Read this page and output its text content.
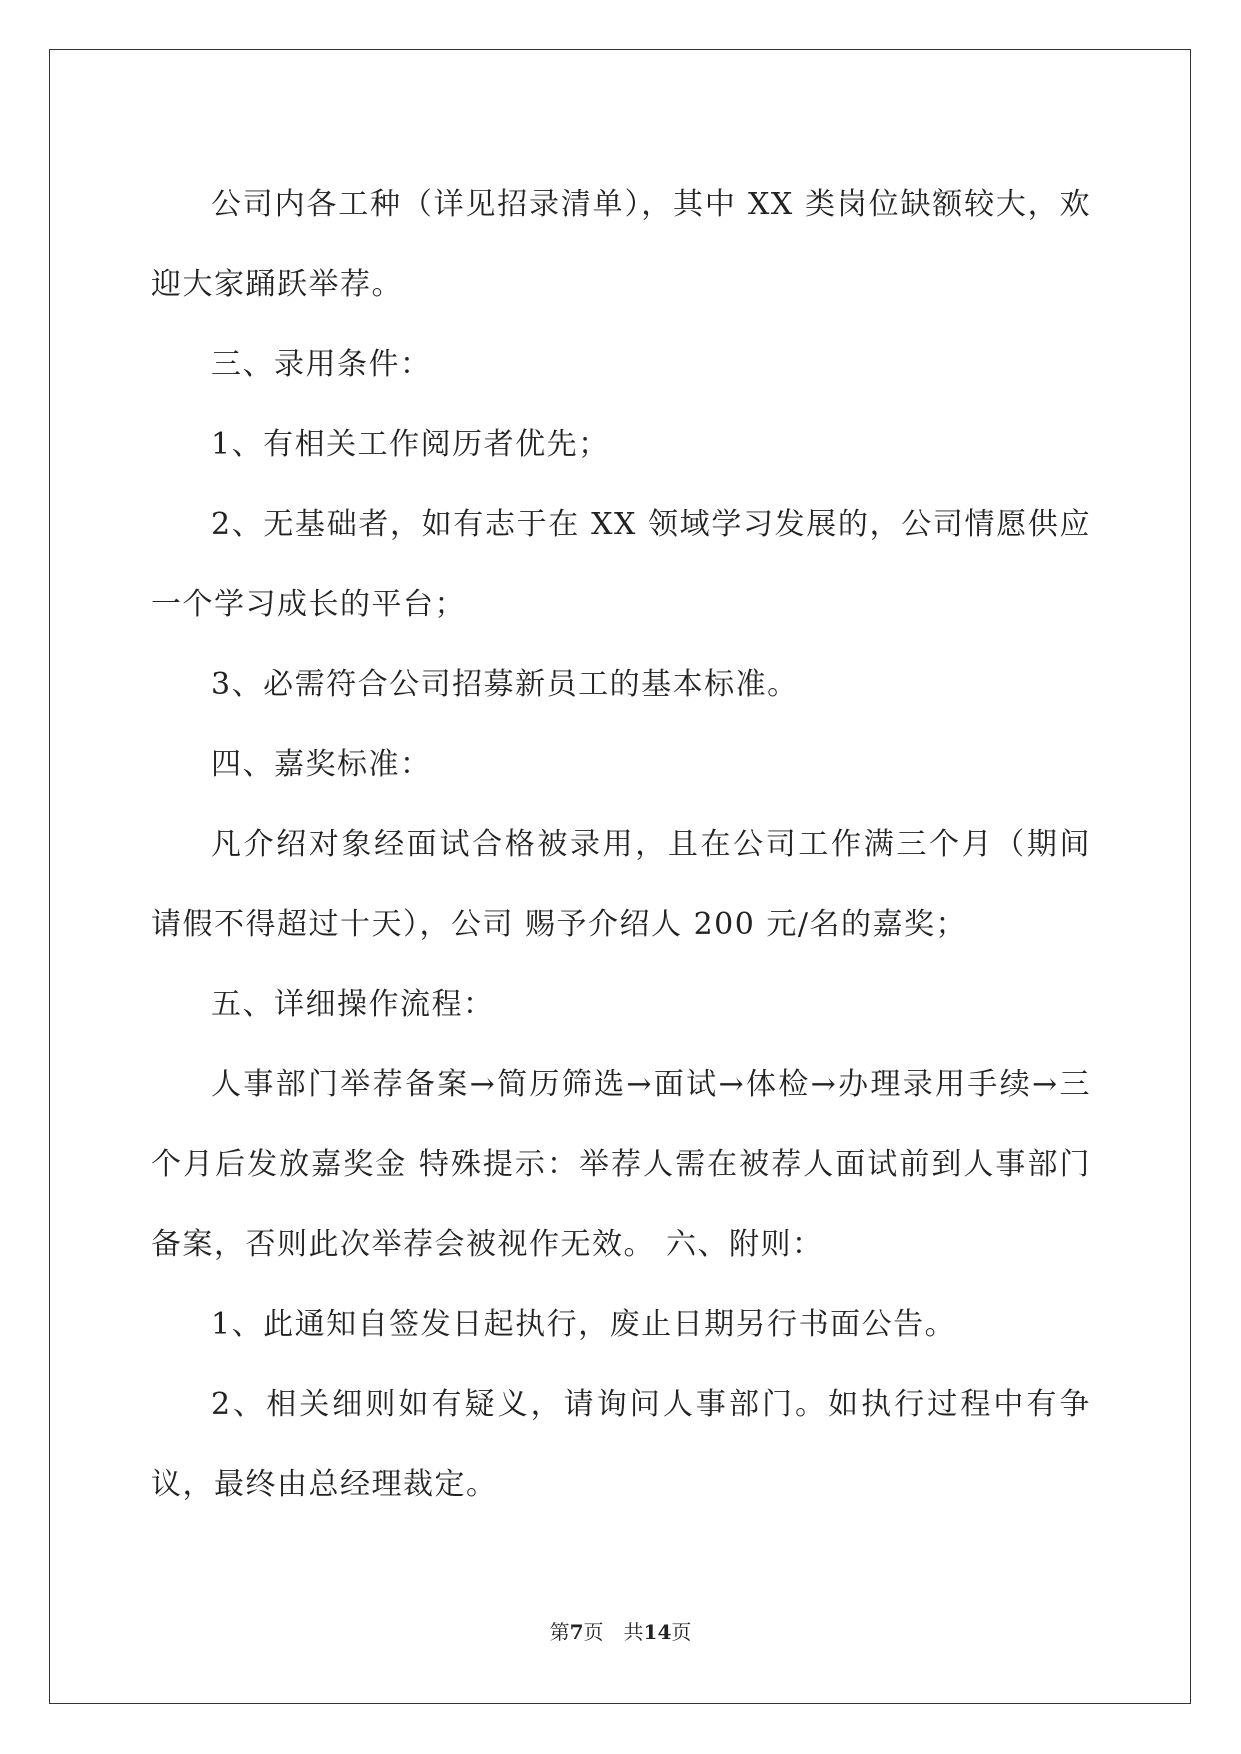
公司内各工种（详见招录清单），其中 XX 类岗位缺额较大，欢迎大家踊跃举荐。

三、录用条件：

1、有相关工作阅历者优先；

2、无基础者，如有志于在 XX 领域学习发展的，公司情愿供应一个学习成长的平台；

3、必需符合公司招募新员工的基本标准。

四、嘉奖标准：

凡介绍对象经面试合格被录用，且在公司工作满三个月（期间请假不得超过十天），公司 赐予介绍人 200 元/名的嘉奖；

五、详细操作流程：

人事部门举荐备案→简历筛选→面试→体检→办理录用手续→三个月后发放嘉奖金 特殊提示：举荐人需在被荐人面试前到人事部门备案，否则此次举荐会被视作无效。 六、附则：

1、此通知自签发日起执行，废止日期另行书面公告。

2、相关细则如有疑义，请询问人事部门。如执行过程中有争议，最终由总经理裁定。

第7页　共14页
